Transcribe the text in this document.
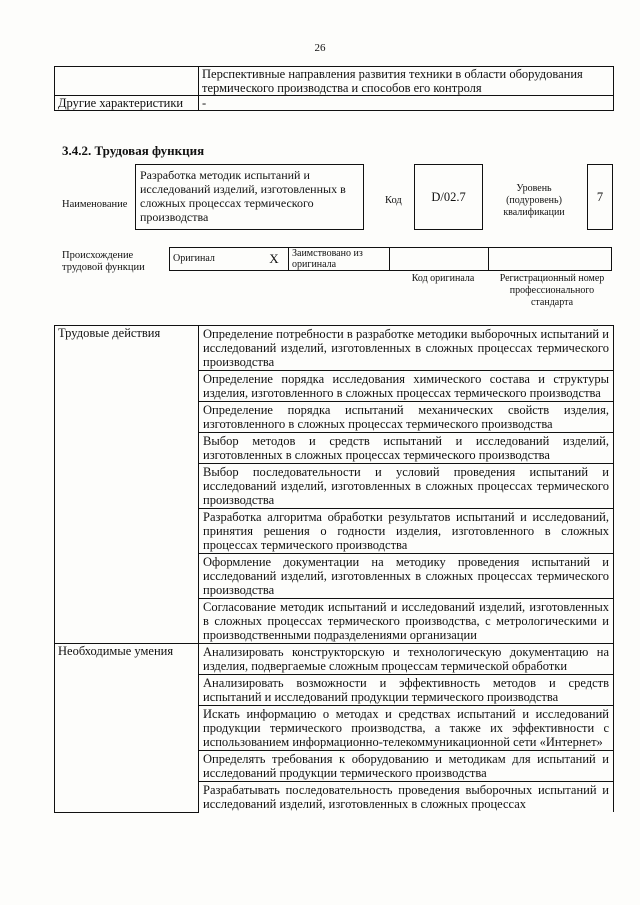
26
	Перспективные направления развития техники в области оборудования термического производства и способов его контроля
Другие характеристики	-
3.4.2. Трудовая функция
Наименование
Разработка методик испытаний и исследований изделий, изготовленных в сложных процессах термического производства
Код	D/02.7
Уровень (подуровень) квалификации
7
Происхождение трудовой функции
Оригинал	X	Заимствовано из оригинала		
Код оригинала	Регистрационный номер профессионального стандарта
Трудовые действия	Определение потребности в разработке методики выборочных испытаний и исследований изделий, изготовленных в сложных процессах термического производства
	Определение порядка исследования химического состава и структуры изделия, изготовленного в сложных процессах термического производства
	Определение порядка испытаний механических свойств изделия, изготовленного в сложных процессах термического производства
	Выбор методов и средств испытаний и исследований изделий, изготовленных в сложных процессах термического производства
	Выбор последовательности и условий проведения испытаний и исследований изделий, изготовленных в сложных процессах термического производства
	Разработка алгоритма обработки результатов испытаний и исследований, принятия решения о годности изделия, изготовленного в сложных процессах термического производства
	Оформление документации на методику проведения испытаний и исследований изделий, изготовленных в сложных процессах термического производства
	Согласование методик испытаний и исследований изделий, изготовленных в сложных процессах термического производства, с метрологическими и производственными подразделениями организации
Необходимые умения	Анализировать конструкторскую и технологическую документацию на изделия, подвергаемые сложным процессам термической обработки
	Анализировать возможности и эффективность методов и средств испытаний и исследований продукции термического производства
	Искать информацию о методах и средствах испытаний и исследований продукции термического производства, а также их эффективности с использованием информационно-телекоммуникационной сети «Интернет»
	Определять требования к оборудованию и методикам для испытаний и исследований продукции термического производства
	Разрабатывать последовательность проведения выборочных испытаний и исследований изделий, изготовленных в сложных процессах
